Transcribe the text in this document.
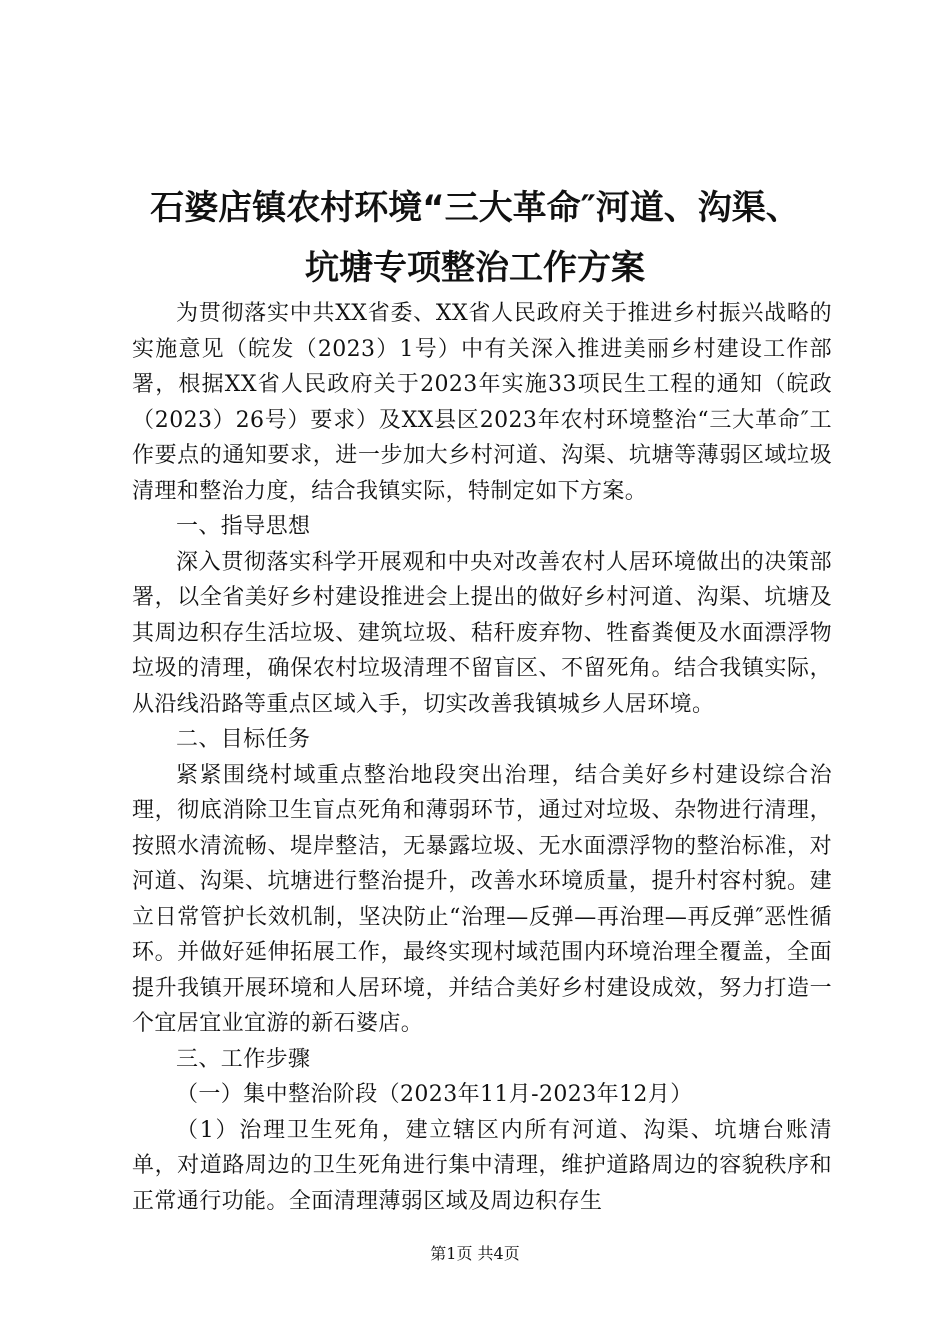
石婆店镇农村环境“三大革命″河道、沟渠、
坑塘专项整治工作方案

为贯彻落实中共XX省委、XX省人民政府关于推进乡村振兴战略的实施意见（皖发（2023）1号）中有关深入推进美丽乡村建设工作部署，根据XX省人民政府关于2023年实施33项民生工程的通知（皖政（2023）26号）要求）及XX县区2023年农村环境整治“三大革命″工作要点的通知要求，进一步加大乡村河道、沟渠、坑塘等薄弱区域垃圾清理和整治力度，结合我镇实际，特制定如下方案。

一、指导思想

深入贯彻落实科学开展观和中央对改善农村人居环境做出的决策部署，以全省美好乡村建设推进会上提出的做好乡村河道、沟渠、坑塘及其周边积存生活垃圾、建筑垃圾、秸秆废弃物、牲畜粪便及水面漂浮物垃圾的清理，确保农村垃圾清理不留盲区、不留死角。结合我镇实际，从沿线沿路等重点区域入手，切实改善我镇城乡人居环境。

二、目标任务

紧紧围绕村域重点整治地段突出治理，结合美好乡村建设综合治理，彻底消除卫生盲点死角和薄弱环节，通过对垃圾、杂物进行清理，按照水清流畅、堤岸整洁，无暴露垃圾、无水面漂浮物的整治标准，对河道、沟渠、坑塘进行整治提升，改善水环境质量，提升村容村貌。建立日常管护长效机制，坚决防止“治理—反弹—再治理—再反弹″恶性循环。并做好延伸拓展工作，最终实现村域范围内环境治理全覆盖，全面提升我镇开展环境和人居环境，并结合美好乡村建设成效，努力打造一个宜居宜业宜游的新石婆店。

三、工作步骤

（一）集中整治阶段（2023年11月-2023年12月）

（1）治理卫生死角，建立辖区内所有河道、沟渠、坑塘台账清单，对道路周边的卫生死角进行集中清理，维护道路周边的容貌秩序和正常通行功能。全面清理薄弱区域及周边积存生

第1页 共4页
